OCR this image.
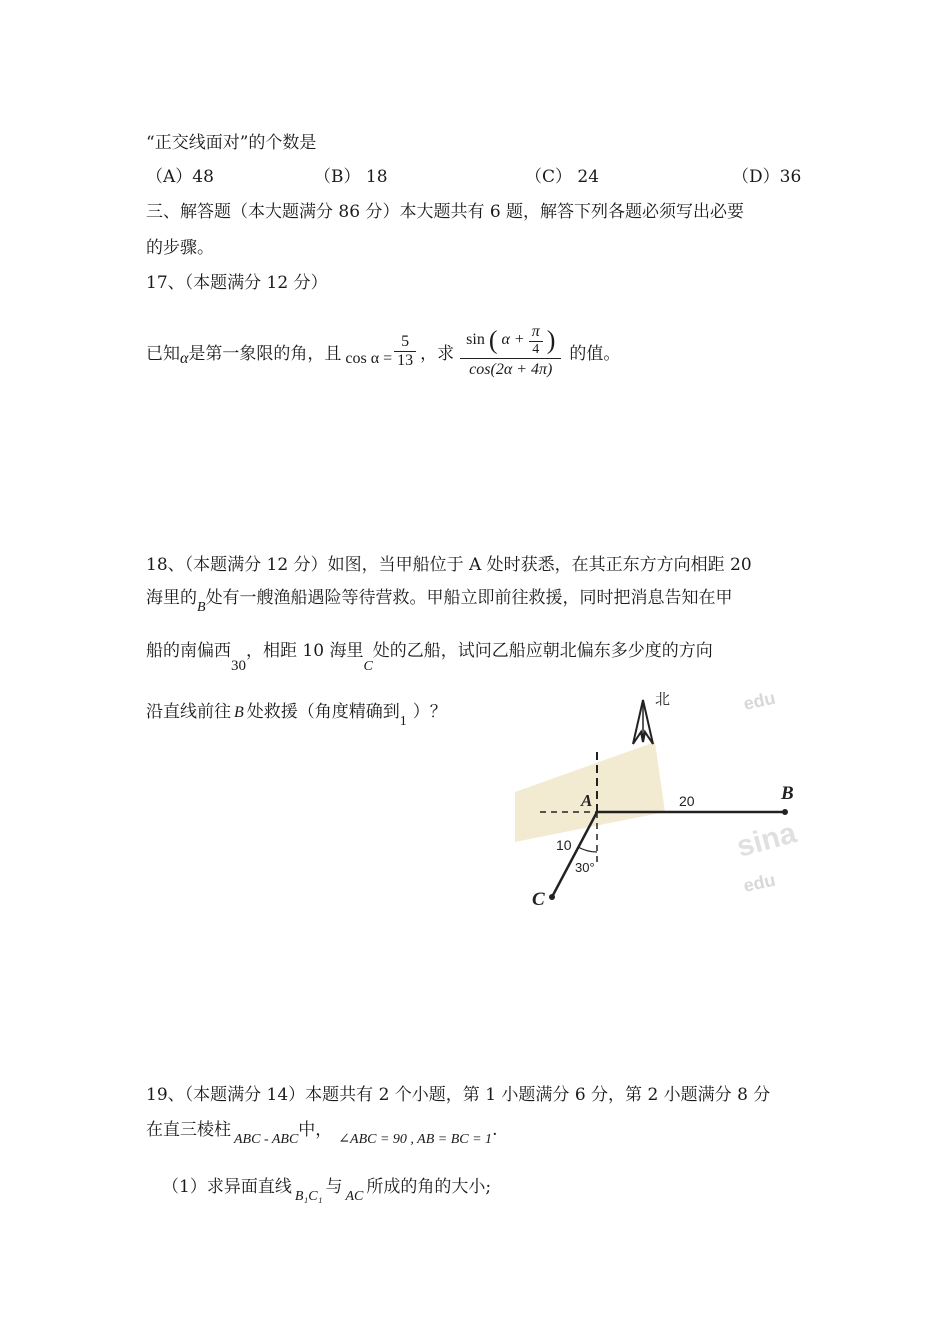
“正交线面对”的个数是
（A）48	（B） 18	（C） 24	（D）36
三、解答题（本大题满分 86 分）本大题共有 6 题，解答下列各题必须写出必要
的步骤。
17、（本题满分 12 分）
已知 α 是第一象限的角，且 $\cos \alpha = \frac{5}{13}$ ，求
sin ( $\alpha + \frac{\pi}{4}$ )
cos(2α + 4π)
的值。
18、（本题满分 12 分）如图，当甲船位于 A 处时获悉，在其正东方方向相距 20
海里的$_B$处有一艘渔船遇险等待营救。甲船立即前往救援，同时把消息告知在甲
船的南偏西30，相距 10 海里$_C$处的乙船，试问乙船应朝北偏东多少度的方向
沿直线前往 B 处救援（角度精确到$_1$ ）？	edu
sina
edu
北
A	B
C
20
10
30°
19、（本题满分 14）本题共有 2 个小题，第 1 小题满分 6 分，第 2 小题满分 8 分
在直三棱柱 $_{ABC - ABC}$中， $_{\angle ABC = 90 , AB = BC = 1}$.
（1）求异面直线 $_{B_1C_1}$ 与 $_{AC}$ 所成的角的大小;
